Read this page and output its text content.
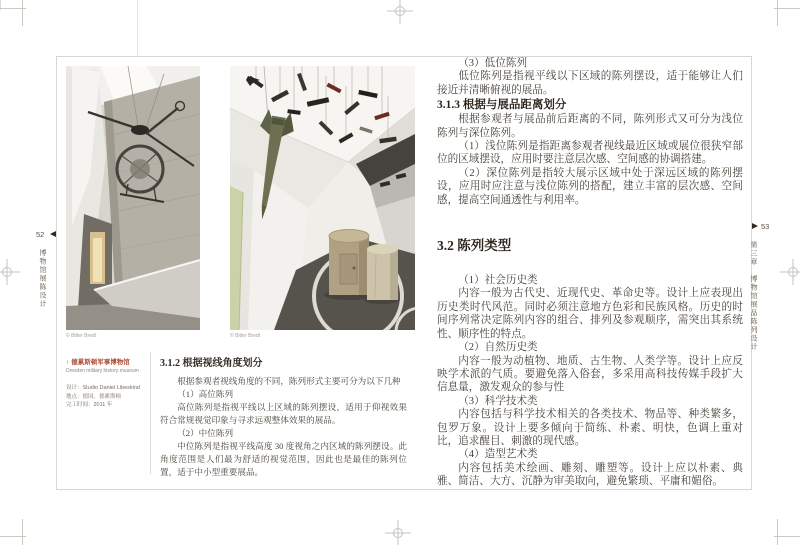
© Bitter Bredt	© Bitter Bredt
↑ 德累斯顿军事博物馆
Dresden military history museum
设计：Studio Daniel Libeskind
地点：德国，德累斯顿
完工时间：2011 年
3.1.2 根据视线角度划分

根据参观者视线角度的不同，陈列形式主要可分为以下几种

（1）高位陈列

高位陈列是指视平线以上区域的陈列摆设，适用于仰视效果符合常规视觉印象与寻求远观整体效果的展品。

（2）中位陈列

中位陈列是指视平线高度 30 度视角之内区域的陈列摆设。此角度范围是人们最为舒适的视觉范围，因此也是最佳的陈列位置，适于中小型重要展品。

（3）低位陈列

低位陈列是指视平线以下区域的陈列摆设，适于能够让人们接近并清晰俯视的展品。

3.1.3 根据与展品距离划分

根据参观者与展品前后距离的不同，陈列形式又可分为浅位陈列与深位陈列。

（1）浅位陈列是指距离参观者视线最近区域或展位很狭窄部位的区域摆设，应用时要注意层次感、空间感的协调搭建。

（2）深位陈列是指较大展示区域中处于深远区域的陈列摆设，应用时应注意与浅位陈列的搭配，建立丰富的层次感、空间感，提高空间通透性与利用率。

3.2 陈列类型

（1）社会历史类

内容一般为古代史、近现代史、革命史等。设计上应表现出历史类时代风范。同时必须注意地方色彩和民族风格。历史的时间序列常决定陈列内容的组合、排列及参观顺序，需突出其系统性、顺序性的特点。

（2）自然历史类

内容一般为动植物、地质、古生物、人类学等。设计上应反映学术派的气质。要避免落入俗套，多采用高科技传媒手段扩大信息量，激发观众的参与性

（3）科学技术类

内容包括与科学技术相关的各类技术、物品等、种类繁多，包罗万象。设计上要多倾向于简练、朴素、明快，色调上重对比，追求醒目、刺激的现代感。

（4）造型艺术类

内容包括美术绘画、雕刻、雕塑等。设计上应以朴素、典雅、简洁、大方、沉静为审美取向，避免繁琐、平庸和媚俗。

52
博物馆展陈设计
53
第三章　博物馆展品陈列设计
